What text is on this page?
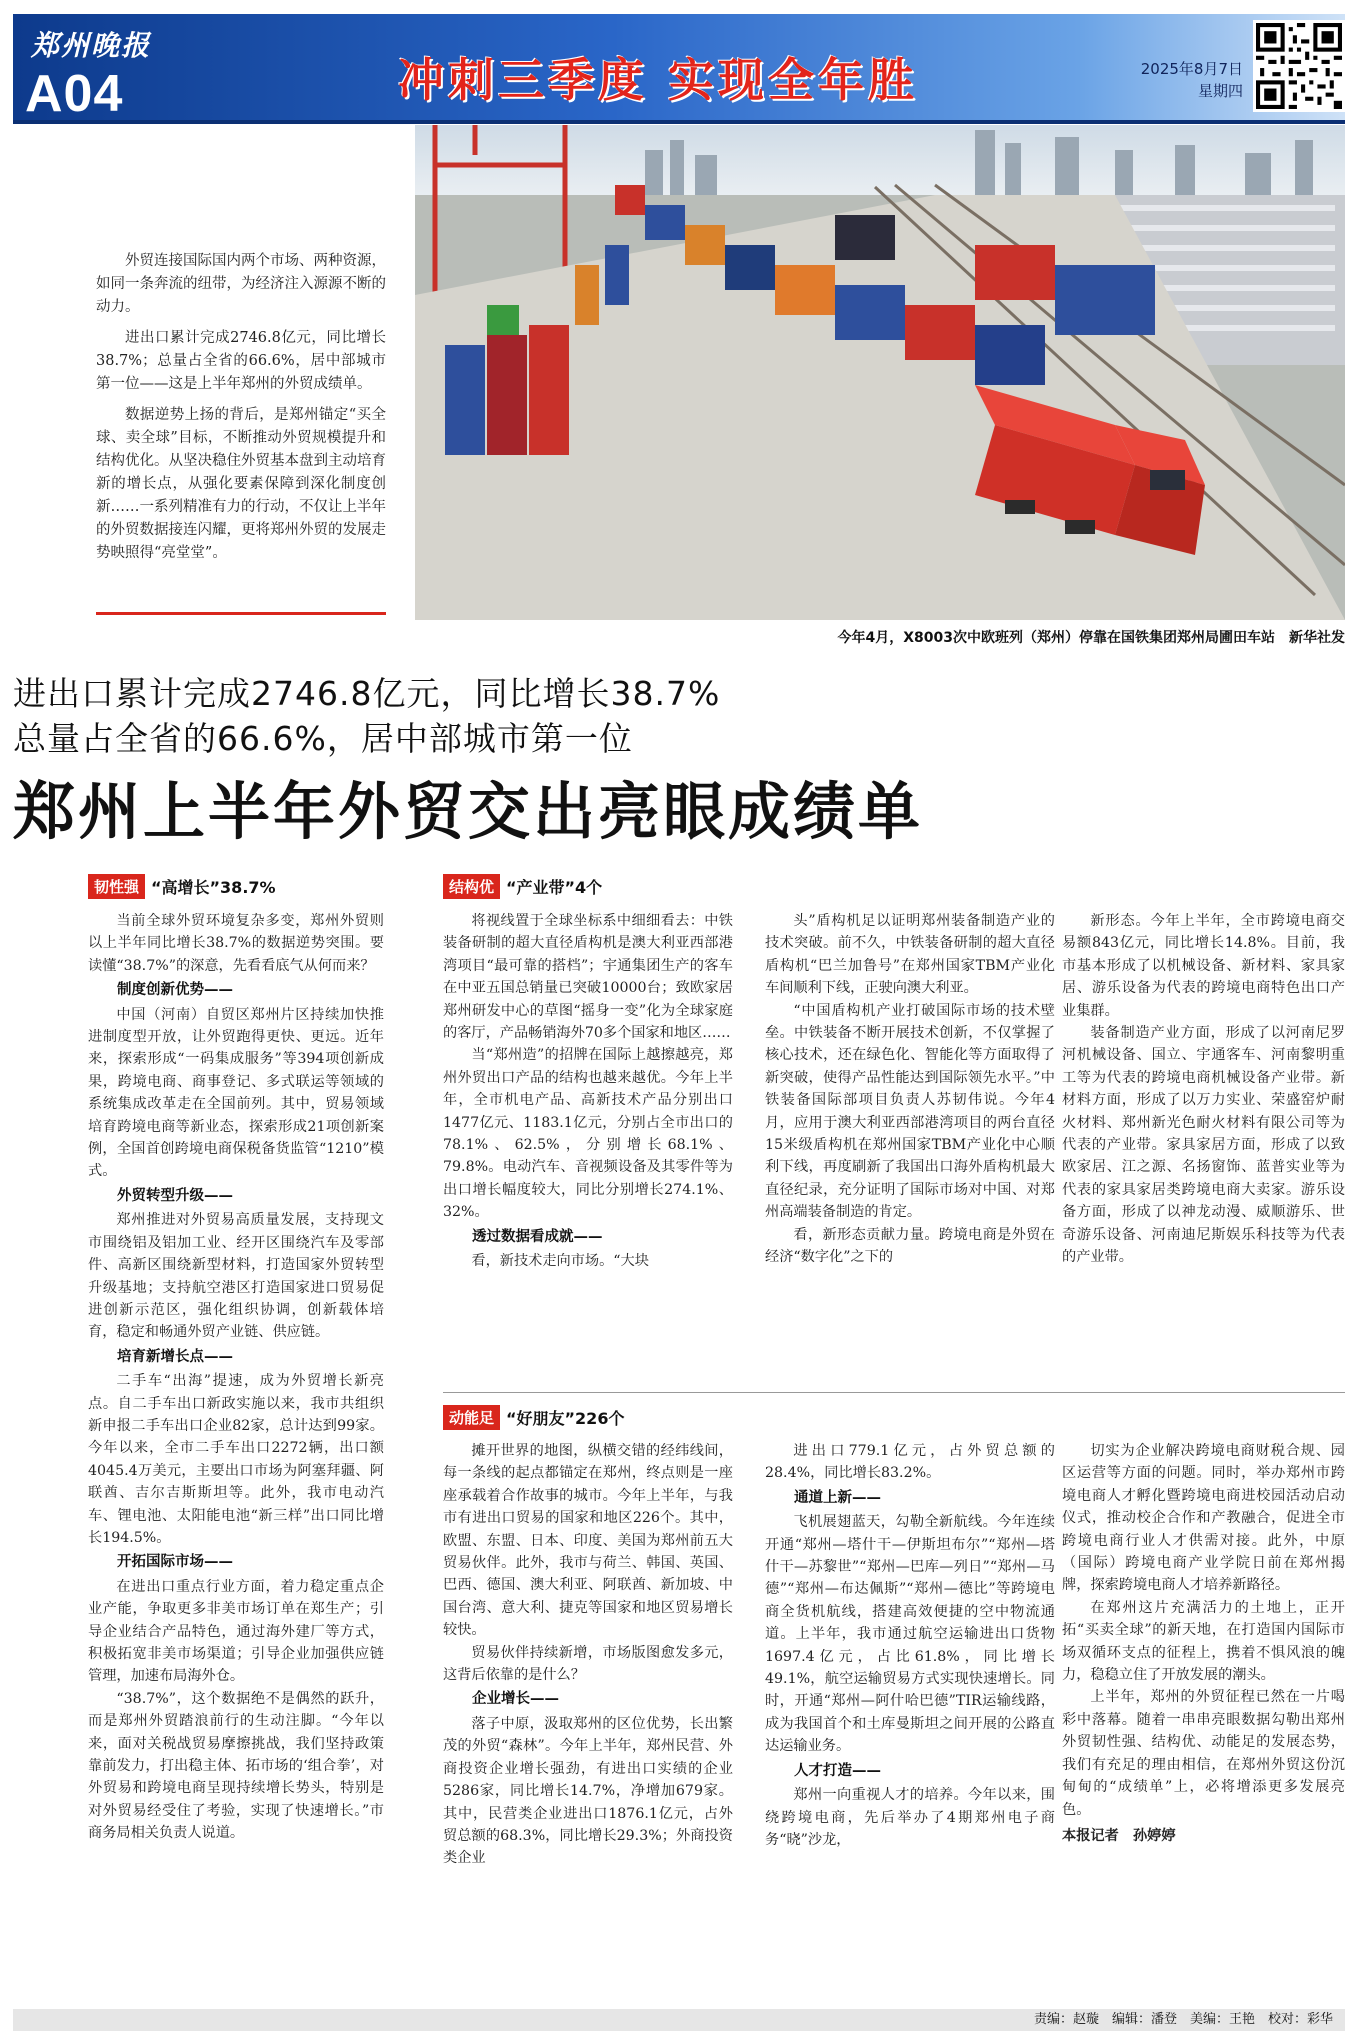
郑州晚报
A04	冲刺三季度 实现全年胜	2025年8月7日
星期四

外贸连接国际国内两个市场、两种资源，如同一条奔流的纽带，为经济注入源源不断的动力。

进出口累计完成2746.8亿元，同比增长38.7%；总量占全省的66.6%，居中部城市第一位——这是上半年郑州的外贸成绩单。

数据逆势上扬的背后，是郑州锚定“买全球、卖全球”目标，不断推动外贸规模提升和结构优化。从坚决稳住外贸基本盘到主动培育新的增长点，从强化要素保障到深化制度创新……一系列精准有力的行动，不仅让上半年的外贸数据接连闪耀，更将郑州外贸的发展走势映照得“亮堂堂”。

今年4月，X8003次中欧班列（郑州）停靠在国铁集团郑州局圃田车站　新华社发
进出口累计完成2746.8亿元，同比增长38.7%
总量占全省的66.6%，居中部城市第一位
郑州上半年外贸交出亮眼成绩单
韧性强 “高增长”38.7%

当前全球外贸环境复杂多变，郑州外贸则以上半年同比增长38.7%的数据逆势突围。要读懂“38.7%”的深意，先看看底气从何而来？

制度创新优势——

中国（河南）自贸区郑州片区持续加快推进制度型开放，让外贸跑得更快、更远。近年来，探索形成“一码集成服务”等394项创新成果，跨境电商、商事登记、多式联运等领域的系统集成改革走在全国前列。其中，贸易领域培育跨境电商等新业态，探索形成21项创新案例，全国首创跨境电商保税备货监管“1210”模式。

外贸转型升级——

郑州推进对外贸易高质量发展，支持现文市围绕铝及铝加工业、经开区围绕汽车及零部件、高新区围绕新型材料，打造国家外贸转型升级基地；支持航空港区打造国家进口贸易促进创新示范区，强化组织协调，创新载体培育，稳定和畅通外贸产业链、供应链。

培育新增长点——

二手车“出海”提速，成为外贸增长新亮点。自二手车出口新政实施以来，我市共组织新申报二手车出口企业82家，总计达到99家。今年以来，全市二手车出口2272辆，出口额4045.4万美元，主要出口市场为阿塞拜疆、阿联酋、吉尔吉斯斯坦等。此外，我市电动汽车、锂电池、太阳能电池“新三样”出口同比增长194.5%。

开拓国际市场——

在进出口重点行业方面，着力稳定重点企业产能，争取更多非美市场订单在郑生产；引导企业结合产品特色，通过海外建厂等方式，积极拓宽非美市场渠道；引导企业加强供应链管理，加速布局海外仓。

“38.7%”，这个数据绝不是偶然的跃升，而是郑州外贸踏浪前行的生动注脚。“今年以来，面对关税战贸易摩擦挑战，我们坚持政策靠前发力，打出稳主体、拓市场的‘组合拳’，对外贸易和跨境电商呈现持续增长势头，特别是对外贸易经受住了考验，实现了快速增长。”市商务局相关负责人说道。

结构优 “产业带”4个

将视线置于全球坐标系中细细看去：中铁装备研制的超大直径盾构机是澳大利亚西部港湾项目“最可靠的搭档”；宇通集团生产的客车在中亚五国总销量已突破10000台；致欧家居郑州研发中心的草图“摇身一变”化为全球家庭的客厅，产品畅销海外70多个国家和地区……

当“郑州造”的招牌在国际上越擦越亮，郑州外贸出口产品的结构也越来越优。今年上半年，全市机电产品、高新技术产品分别出口1477亿元、1183.1亿元，分别占全市出口的78.1%、62.5%，分别增长68.1%、79.8%。电动汽车、音视频设备及其零件等为出口增长幅度较大，同比分别增长274.1%、32%。

透过数据看成就——

看，新技术走向市场。“大块

头”盾构机足以证明郑州装备制造产业的技术突破。前不久，中铁装备研制的超大直径盾构机“巴兰加鲁号”在郑州国家TBM产业化车间顺利下线，正驶向澳大利亚。

“中国盾构机产业打破国际市场的技术壁垒。中铁装备不断开展技术创新，不仅掌握了核心技术，还在绿色化、智能化等方面取得了新突破，使得产品性能达到国际领先水平。”中铁装备国际部项目负责人苏韧伟说。今年4月，应用于澳大利亚西部港湾项目的两台直径15米级盾构机在郑州国家TBM产业化中心顺利下线，再度刷新了我国出口海外盾构机最大直径纪录，充分证明了国际市场对中国、对郑州高端装备制造的肯定。

看，新形态贡献力量。跨境电商是外贸在经济“数字化”之下的

新形态。今年上半年，全市跨境电商交易额843亿元，同比增长14.8%。目前，我市基本形成了以机械设备、新材料、家具家居、游乐设备为代表的跨境电商特色出口产业集群。

装备制造产业方面，形成了以河南尼罗河机械设备、国立、宇通客车、河南黎明重工等为代表的跨境电商机械设备产业带。新材料方面，形成了以万力实业、荣盛窑炉耐火材料、郑州新光色耐火材料有限公司等为代表的产业带。家具家居方面，形成了以致欧家居、江之源、名扬窗饰、蓝普实业等为代表的家具家居类跨境电商大卖家。游乐设备方面，形成了以神龙动漫、威顺游乐、世奇游乐设备、河南迪尼斯娱乐科技等为代表的产业带。

动能足 “好朋友”226个

摊开世界的地图，纵横交错的经纬线间，每一条线的起点都锚定在郑州，终点则是一座座承载着合作故事的城市。今年上半年，与我市有进出口贸易的国家和地区226个。其中，欧盟、东盟、日本、印度、美国为郑州前五大贸易伙伴。此外，我市与荷兰、韩国、英国、巴西、德国、澳大利亚、阿联酋、新加坡、中国台湾、意大利、捷克等国家和地区贸易增长较快。

贸易伙伴持续新增，市场版图愈发多元，这背后依靠的是什么？

企业增长——

落子中原，汲取郑州的区位优势，长出繁茂的外贸“森林”。今年上半年，郑州民营、外商投资企业增长强劲，有进出口实绩的企业5286家，同比增长14.7%，净增加679家。其中，民营类企业进出口1876.1亿元，占外贸总额的68.3%，同比增长29.3%；外商投资类企业

进出口779.1亿元，占外贸总额的28.4%，同比增长83.2%。

通道上新——

飞机展翅蓝天，勾勒全新航线。今年连续开通“郑州—塔什干—伊斯坦布尔”“郑州—塔什干—苏黎世”“郑州—巴库—列日”“郑州—马德”“郑州—布达佩斯”“郑州—德比”等跨境电商全货机航线，搭建高效便捷的空中物流通道。上半年，我市通过航空运输进出口货物1697.4亿元，占比61.8%，同比增长49.1%，航空运输贸易方式实现快速增长。同时，开通“郑州—阿什哈巴德”TIR运输线路，成为我国首个和土库曼斯坦之间开展的公路直达运输业务。

人才打造——

郑州一向重视人才的培养。今年以来，围绕跨境电商，先后举办了4期郑州电子商务“晓”沙龙，

切实为企业解决跨境电商财税合规、园区运营等方面的问题。同时，举办郑州市跨境电商人才孵化暨跨境电商进校园活动启动仪式，推动校企合作和产教融合，促进全市跨境电商行业人才供需对接。此外，中原（国际）跨境电商产业学院日前在郑州揭牌，探索跨境电商人才培养新路径。

在郑州这片充满活力的土地上，正开拓“买卖全球”的新天地，在打造国内国际市场双循环支点的征程上，携着不惧风浪的魄力，稳稳立住了开放发展的潮头。

上半年，郑州的外贸征程已然在一片喝彩中落幕。随着一串串亮眼数据勾勒出郑州外贸韧性强、结构优、动能足的发展态势，我们有充足的理由相信，在郑州外贸这份沉甸甸的“成绩单”上，必将增添更多发展亮色。

本报记者　孙婷婷
责编：赵璇　编辑：潘登　美编：王艳　校对：彩华
